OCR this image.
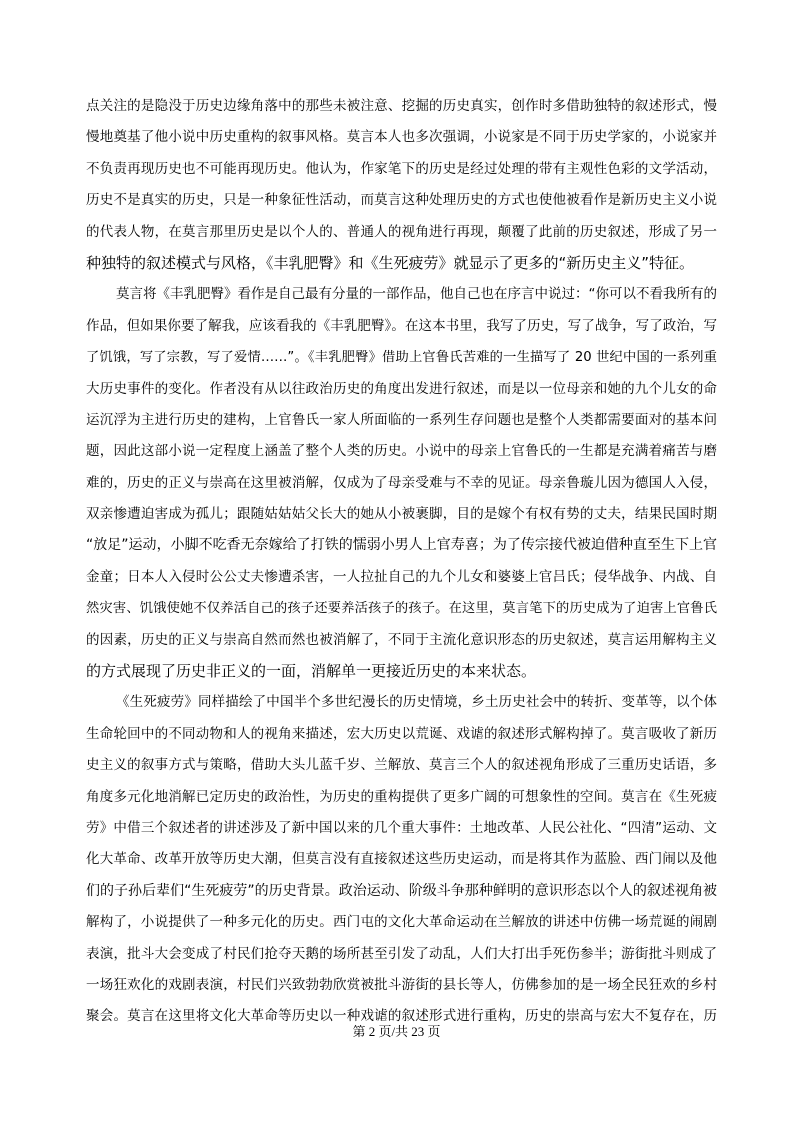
点关注的是隐没于历史边缘角落中的那些未被注意、挖掘的历史真实，创作时多借助独特的叙述形式，慢
慢地奠基了他小说中历史重构的叙事风格。莫言本人也多次强调，小说家是不同于历史学家的，小说家并
不负责再现历史也不可能再现历史。他认为，作家笔下的历史是经过处理的带有主观性色彩的文学活动，
历史不是真实的历史，只是一种象征性活动，而莫言这种处理历史的方式也使他被看作是新历史主义小说
的代表人物，在莫言那里历史是以个人的、普通人的视角进行再现，颠覆了此前的历史叙述，形成了另一
种独特的叙述模式与风格，《丰乳肥臀》和《生死疲劳》就显示了更多的“新历史主义”特征。
莫言将《丰乳肥臀》看作是自己最有分量的一部作品，他自己也在序言中说过：“你可以不看我所有的
作品，但如果你要了解我，应该看我的《丰乳肥臀》。在这本书里，我写了历史，写了战争，写了政治，写
了饥饿，写了宗教，写了爱情……”。《丰乳肥臀》借助上官鲁氏苦难的一生描写了 20 世纪中国的一系列重
大历史事件的变化。作者没有从以往政治历史的角度出发进行叙述，而是以一位母亲和她的九个儿女的命
运沉浮为主进行历史的建构，上官鲁氏一家人所面临的一系列生存问题也是整个人类都需要面对的基本问
题，因此这部小说一定程度上涵盖了整个人类的历史。小说中的母亲上官鲁氏的一生都是充满着痛苦与磨
难的，历史的正义与崇高在这里被消解，仅成为了母亲受难与不幸的见证。母亲鲁璇儿因为德国人入侵，
双亲惨遭迫害成为孤儿；跟随姑姑姑父长大的她从小被裹脚，目的是嫁个有权有势的丈夫，结果民国时期
“放足”运动，小脚不吃香无奈嫁给了打铁的懦弱小男人上官寿喜；为了传宗接代被迫借种直至生下上官
金童；日本人入侵时公公丈夫惨遭杀害，一人拉扯自己的九个儿女和婆婆上官吕氏；侵华战争、内战、自
然灾害、饥饿使她不仅养活自己的孩子还要养活孩子的孩子。在这里，莫言笔下的历史成为了迫害上官鲁氏
的因素，历史的正义与崇高自然而然也被消解了，不同于主流化意识形态的历史叙述，莫言运用解构主义
的方式展现了历史非正义的一面，消解单一更接近历史的本来状态。
《生死疲劳》同样描绘了中国半个多世纪漫长的历史情境，乡土历史社会中的转折、变革等，以个体
生命轮回中的不同动物和人的视角来描述，宏大历史以荒诞、戏谑的叙述形式解构掉了。莫言吸收了新历
史主义的叙事方式与策略，借助大头儿蓝千岁、兰解放、莫言三个人的叙述视角形成了三重历史话语，多
角度多元化地消解已定历史的政治性，为历史的重构提供了更多广阔的可想象性的空间。莫言在《生死疲
劳》中借三个叙述者的讲述涉及了新中国以来的几个重大事件：土地改革、人民公社化、“四清”运动、文
化大革命、改革开放等历史大潮，但莫言没有直接叙述这些历史运动，而是将其作为蓝脸、西门闹以及他
们的子孙后辈们“生死疲劳”的历史背景。政治运动、阶级斗争那种鲜明的意识形态以个人的叙述视角被
解构了，小说提供了一种多元化的历史。西门屯的文化大革命运动在兰解放的讲述中仿佛一场荒诞的闹剧
表演，批斗大会变成了村民们抢夺天鹅的场所甚至引发了动乱，人们大打出手死伤参半；游街批斗则成了
一场狂欢化的戏剧表演，村民们兴致勃勃欣赏被批斗游街的县长等人，仿佛参加的是一场全民狂欢的乡村
聚会。莫言在这里将文化大革命等历史以一种戏谑的叙述形式进行重构，历史的崇高与宏大不复存在，历
第 2 页/共 23 页
